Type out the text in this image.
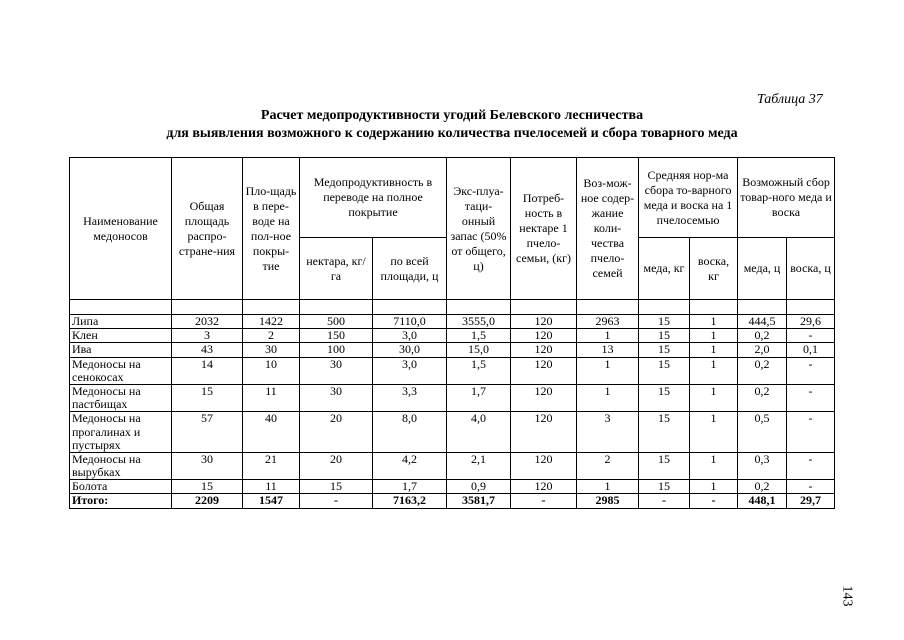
Таблица 37
Расчет медопродуктивности угодий Белевского лесничества
для выявления возможного к содержанию количества пчелосемей и сбора товарного меда
Наименование медоносов	Общая площадь распро-стране-ния	Пло-щадь в пере-воде на пол-ное покры-тие	Медопродуктивность в переводе на полное покрытие		Экс-плуа-таци-онный запас (50% от общего, ц)	Потреб-ность в нектаре 1 пчело-семьи, (кг)	Воз-мож-ное содер-жание коли-чества пчело-семей	Средняя нор-ма сбора то-варного меда и воска на 1 пчелосемью		Возможный сбор товар-ного меда и воска	
			нектара, кг/га	по всей площади, ц				меда, кг	воска, кг	меда, ц	воска, ц

Липа	2032	1422	500	7110,0	3555,0	120	2963	15	1	444,5	29,6
Клен	3	2	150	3,0	1,5	120	1	15	1	0,2	-
Ива	43	30	100	30,0	15,0	120	13	15	1	2,0	0,1
Медоносы на сенокосах	14	10	30	3,0	1,5	120	1	15	1	0,2	-
Медоносы на пастбищах	15	11	30	3,3	1,7	120	1	15	1	0,2	-
Медоносы на прогалинах и пустырях	57	40	20	8,0	4,0	120	3	15	1	0,5	-
Медоносы на вырубках	30	21	20	4,2	2,1	120	2	15	1	0,3	-
Болота	15	11	15	1,7	0,9	120	1	15	1	0,2	-
Итого:	2209	1547	-	7163,2	3581,7	-	2985	-	-	448,1	29,7
143
